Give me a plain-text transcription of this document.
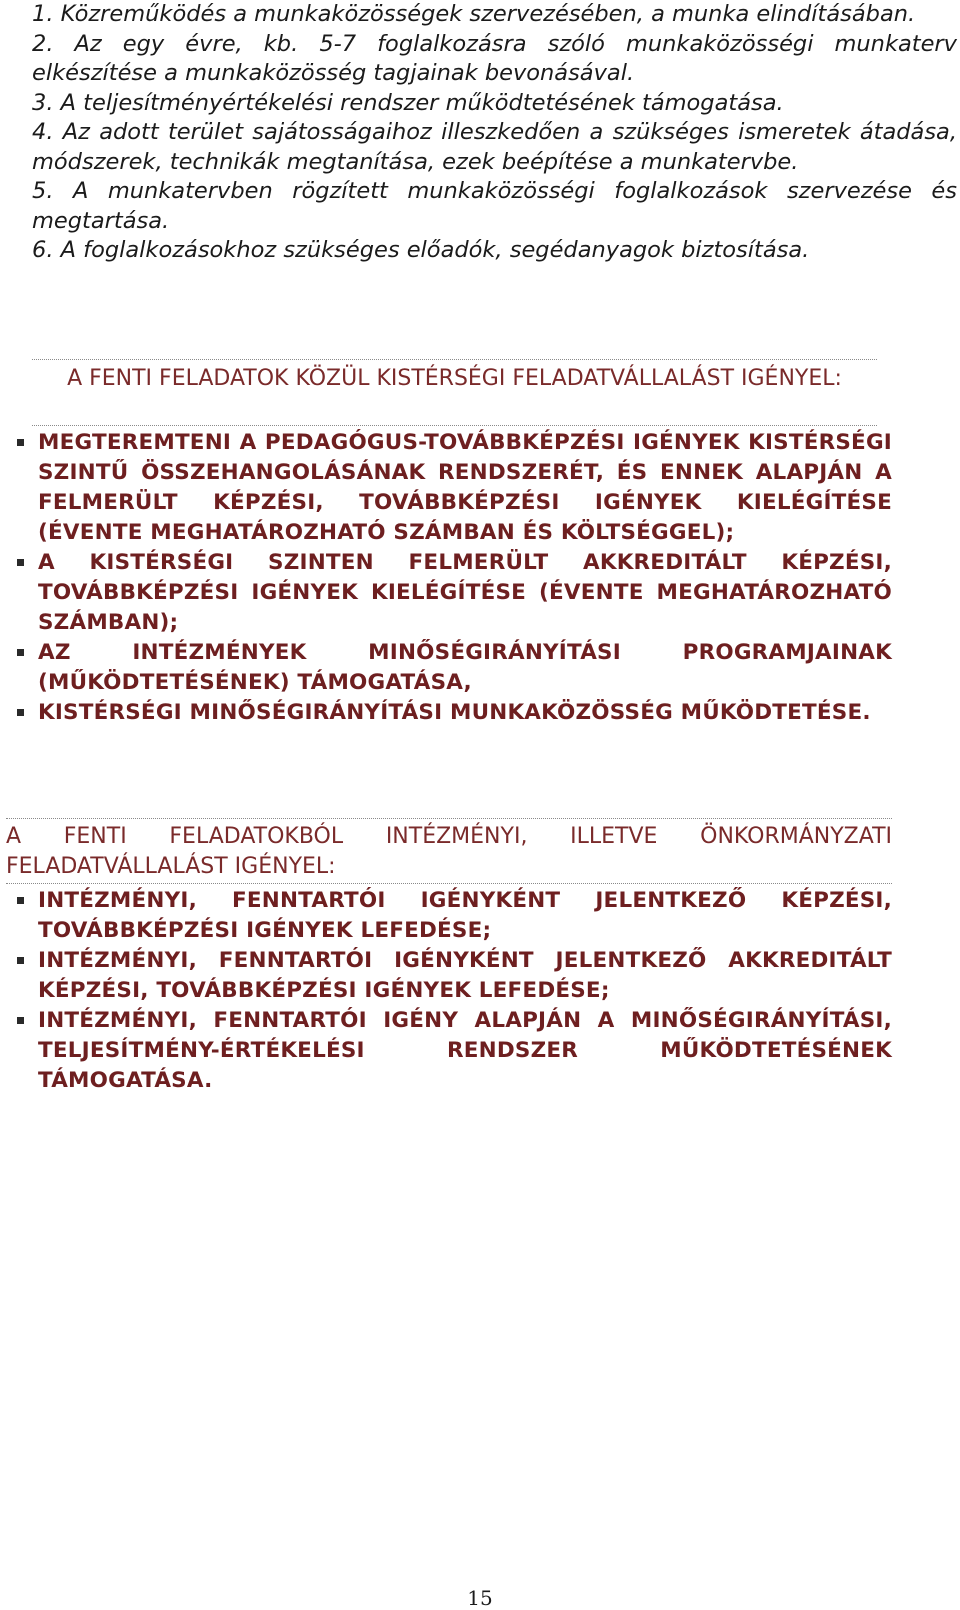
1. Közreműködés a munkaközösségek szervezésében, a munka elindításában.

2. Az egy évre, kb. 5-7 foglalkozásra szóló munkaközösségi munkaterv elkészítése a munkaközösség tagjainak bevonásával.

3. A teljesítményértékelési rendszer működtetésének támogatása.

4. Az adott terület sajátosságaihoz illeszkedően a szükséges ismeretek átadása, módszerek, technikák megtanítása, ezek beépítése a munkatervbe.

5. A munkatervben rögzített munkaközösségi foglalkozások szervezése és megtartása.

6. A foglalkozásokhoz szükséges előadók, segédanyagok biztosítása.

A FENTI FELADATOK KÖZÜL KISTÉRSÉGI FELADATVÁLLALÁST IGÉNYEL:
MEGTEREMTENI A PEDAGÓGUS-TOVÁBBKÉPZÉSI IGÉNYEK KISTÉRSÉGI SZINTŰ ÖSSZEHANGOLÁSÁNAK RENDSZERÉT, ÉS ENNEK ALAPJÁN A FELMERÜLT KÉPZÉSI, TOVÁBBKÉPZÉSI IGÉNYEK KIELÉGÍTÉSE (ÉVENTE MEGHATÁROZHATÓ SZÁMBAN ÉS KÖLTSÉGGEL);
A KISTÉRSÉGI SZINTEN FELMERÜLT AKKREDITÁLT KÉPZÉSI, TOVÁBBKÉPZÉSI IGÉNYEK KIELÉGÍTÉSE (ÉVENTE MEGHATÁROZHATÓ SZÁMBAN);
AZ INTÉZMÉNYEK MINŐSÉGIRÁNYÍTÁSI PROGRAMJAINAK (MŰKÖDTETÉSÉNEK) TÁMOGATÁSA,
KISTÉRSÉGI MINŐSÉGIRÁNYÍTÁSI MUNKAKÖZÖSSÉG MŰKÖDTETÉSE.
A FENTI FELADATOKBÓL INTÉZMÉNYI, ILLETVE ÖNKORMÁNYZATI FELADATVÁLLALÁST IGÉNYEL:
INTÉZMÉNYI, FENNTARTÓI IGÉNYKÉNT JELENTKEZŐ KÉPZÉSI, TOVÁBBKÉPZÉSI IGÉNYEK LEFEDÉSE;
INTÉZMÉNYI, FENNTARTÓI IGÉNYKÉNT JELENTKEZŐ AKKREDITÁLT KÉPZÉSI, TOVÁBBKÉPZÉSI IGÉNYEK LEFEDÉSE;
INTÉZMÉNYI, FENNTARTÓI IGÉNY ALAPJÁN A MINŐSÉGIRÁNYÍTÁSI, TELJESÍTMÉNY-ÉRTÉKELÉSI RENDSZER MŰKÖDTETÉSÉNEK TÁMOGATÁSA.
15
